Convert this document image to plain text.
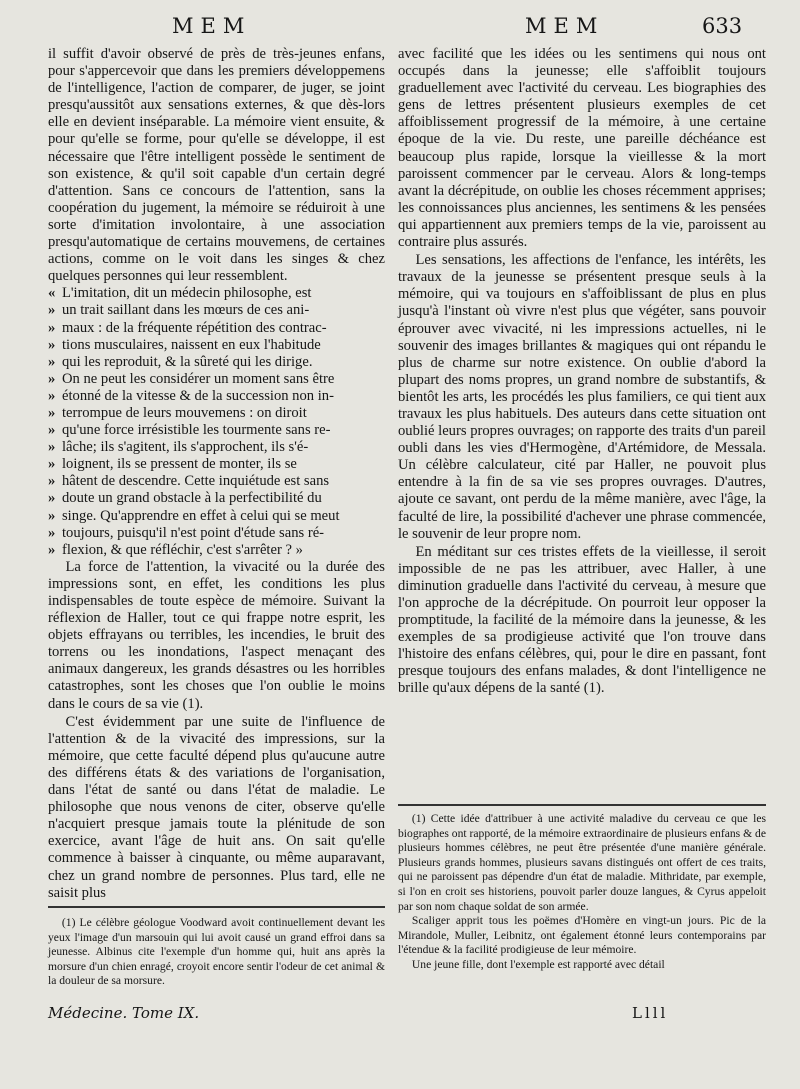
MEM	MEM	633

il suffit d'avoir observé de près de très-jeunes enfans, pour s'appercevoir que dans les premiers développemens de l'intelligence, l'action de comparer, de juger, se joint presqu'aussitôt aux sensations externes, & que dès-lors elle en devient inséparable. La mémoire vient ensuite, & pour qu'elle se forme, pour qu'elle se développe, il est nécessaire que l'être intelligent possède le sentiment de son existence, & qu'il soit capable d'un certain degré d'attention. Sans ce concours de l'attention, sans la coopération du jugement, la mémoire se réduiroit à une sorte d'imitation involontaire, à une association presqu'automatique de certains mouvemens, de certaines actions, comme on le voit dans les singes & chez quelques personnes qui leur ressemblent.

« L'imitation, dit un médecin philosophe, est
» un trait saillant dans les mœurs de ces ani-
» maux : de la fréquente répétition des contrac-
» tions musculaires, naissent en eux l'habitude
» qui les reproduit, & la sûreté qui les dirige.
» On ne peut les considérer un moment sans être
» étonné de la vitesse & de la succession non in-
» terrompue de leurs mouvemens : on diroit
» qu'une force irrésistible les tourmente sans re-
» lâche; ils s'agitent, ils s'approchent, ils s'é-
» loignent, ils se pressent de monter, ils se
» hâtent de descendre. Cette inquiétude est sans
» doute un grand obstacle à la perfectibilité du
» singe. Qu'apprendre en effet à celui qui se meut
» toujours, puisqu'il n'est point d'étude sans ré-
» flexion, & que réfléchir, c'est s'arrêter ? »

La force de l'attention, la vivacité ou la durée des impressions sont, en effet, les conditions les plus indispensables de toute espèce de mémoire. Suivant la réflexion de Haller, tout ce qui frappe notre esprit, les objets effrayans ou terribles, les incendies, le bruit des torrens ou les inondations, l'aspect menaçant des animaux dangereux, les grands désastres ou les horribles catastrophes, sont les choses que l'on oublie le moins dans le cours de sa vie (1).

C'est évidemment par une suite de l'influence de l'attention & de la vivacité des impressions, sur la mémoire, que cette faculté dépend plus qu'aucune autre des différens états & des variations de l'organisation, dans l'état de santé ou dans l'état de maladie. Le philosophe que nous venons de citer, observe qu'elle n'acquiert presque jamais toute la plénitude de son exercice, avant l'âge de huit ans. On sait qu'elle commence à baisser à cinquante, ou même auparavant, chez un grand nombre de personnes. Plus tard, elle ne saisit plus

avec facilité que les idées ou les sentimens qui nous ont occupés dans la jeunesse; elle s'affoiblit toujours graduellement avec l'activité du cerveau. Les biographies des gens de lettres présentent plusieurs exemples de cet affoiblissement progressif de la mémoire, à une certaine époque de la vie. Du reste, une pareille déchéance est beaucoup plus rapide, lorsque la vieillesse & la mort paroissent commencer par le cerveau. Alors & long-temps avant la décrépitude, on oublie les choses récemment apprises; les connoissances plus anciennes, les sentimens & les pensées qui appartiennent aux premiers temps de la vie, paroissent au contraire plus assurés.

Les sensations, les affections de l'enfance, les intérêts, les travaux de la jeunesse se présentent presque seuls à la mémoire, qui va toujours en s'affoiblissant de plus en plus jusqu'à l'instant où vivre n'est plus que végéter, sans pouvoir éprouver avec vivacité, ni les impressions actuelles, ni le souvenir des images brillantes & magiques qui ont répandu le plus de charme sur notre existence. On oublie d'abord la plupart des noms propres, un grand nombre de substantifs, & bientôt les arts, les procédés les plus familiers, ce qui tient aux travaux les plus habituels. Des auteurs dans cette situation ont oublié leurs propres ouvrages; on rapporte des traits d'un pareil oubli dans les vies d'Hermogène, d'Artémidore, de Messala. Un célèbre calculateur, cité par Haller, ne pouvoit plus entendre à la fin de sa vie ses propres ouvrages. D'autres, ajoute ce savant, ont perdu de la même manière, avec l'âge, la faculté de lire, la possibilité d'achever une phrase commencée, le souvenir de leur propre nom.

En méditant sur ces tristes effets de la vieillesse, il seroit impossible de ne pas les attribuer, avec Haller, à une diminution graduelle dans l'activité du cerveau, à mesure que l'on approche de la décrépitude. On pourroit leur opposer la promptitude, la facilité de la mémoire dans la jeunesse, & les exemples de sa prodigieuse activité que l'on trouve dans l'histoire des enfans célèbres, qui, pour le dire en passant, font presque toujours des enfans malades, & dont l'intelligence ne brille qu'aux dépens de la santé (1).

(1) Le célèbre géologue Voodward avoit continuellement devant les yeux l'image d'un marsouin qui lui avoit causé un grand effroi dans sa jeunesse. Albinus cite l'exemple d'un homme qui, huit ans après la morsure d'un chien enragé, croyoit encore sentir l'odeur de cet animal & la douleur de sa morsure.

(1) Cette idée d'attribuer à une activité maladive du cerveau ce que les biographes ont rapporté, de la mémoire extraordinaire de plusieurs enfans & de plusieurs hommes célèbres, ne peut être présentée d'une manière générale. Plusieurs grands hommes, plusieurs savans distingués ont offert de ces traits, qui ne paroissent pas dépendre d'un état de maladie. Mithridate, par exemple, si l'on en croit ses historiens, pouvoit parler douze langues, & Cyrus appeloit par son nom chaque soldat de son armée.

Scaliger apprit tous les poëmes d'Homère en vingt-un jours. Pic de la Mirandole, Muller, Leibnitz, ont également étonné leurs contemporains par l'étendue & la facilité prodigieuse de leur mémoire.

Une jeune fille, dont l'exemple est rapporté avec détail

Médecine. Tome IX.	Llll
